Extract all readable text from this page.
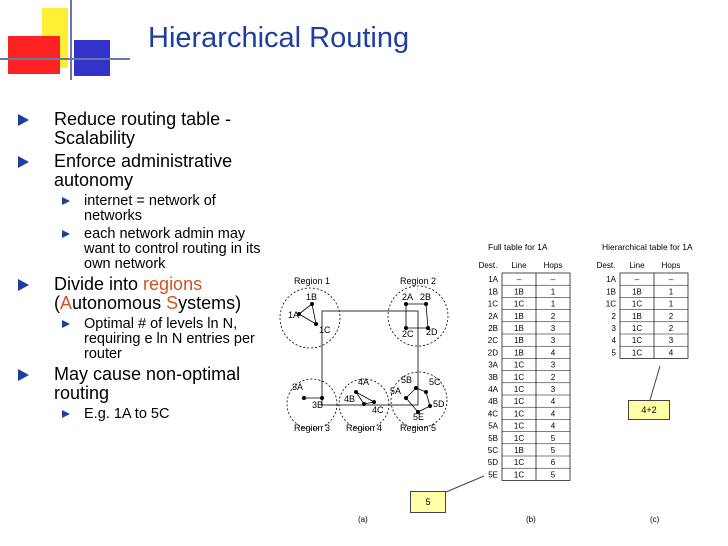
Hierarchical Routing
Reduce routing table - Scalability
Enforce administrative autonomy
internet = network of networks
each network admin may want to control routing in its own network
Divide into regions
(Autonomous Systems)
Optimal # of levels ln N, requiring e ln N entries per router
May cause non-optimal routing
E.g. 1A to 5C
Region 1	Region 2
Region 3 Region 4 Region 5
1A
1B
1C
2A 2B
2C 2D
3A
3B
4A
4B
4C
5A
5B 5C
5D
5E
Full table for 1A	Hierarchical table for 1A
Dest. Line Hops
1A –	–
1B 1B	1
1C 1C	1
2A 1B	2
2B 1B	3
2C 1B	3
2D 1B	4
3A 1C	3
3B 1C	2
4A 1C	3
4B 1C	4
4C 1C	4
5A 1C	4
5B 1C	5
5C 1B	5
5D 1C	6
5E 1C	5
Dest. Line Hops
1A –	–
1B 1B	1
1C 1C	1
2 1B	2
3 1C	2
4 1C	3
5 1C	4
(a)	(b)	(c)
5
4+2
